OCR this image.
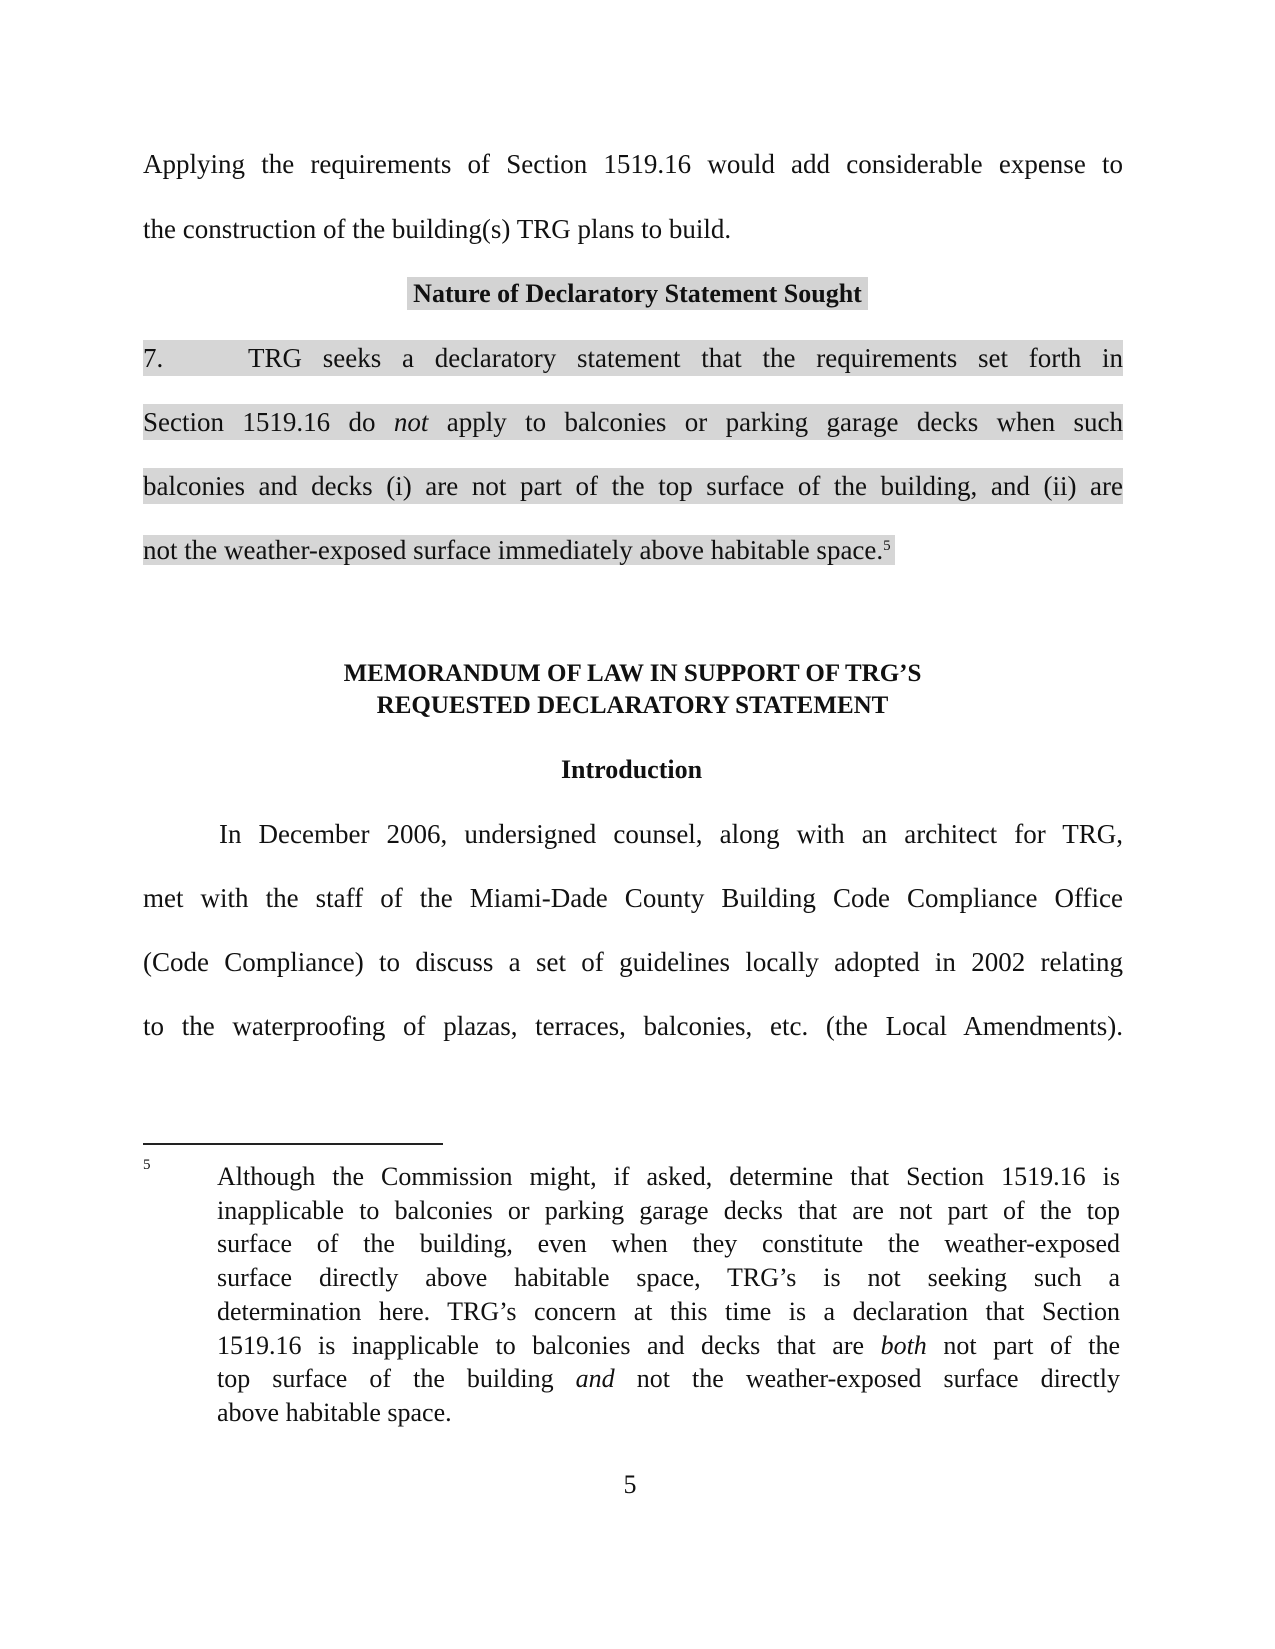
Applying the requirements of Section 1519.16 would add considerable expense to
the construction of the building(s) TRG plans to build.
Nature of Declaratory Statement Sought
7.	TRG seeks a declaratory statement that the requirements set forth in
Section 1519.16 do not apply to balconies or parking garage decks when such
balconies and decks (i) are not part of the top surface of the building, and (ii) are
not the weather-exposed surface immediately above habitable space.$^5$
MEMORANDUM OF LAW IN SUPPORT OF TRG’S
REQUESTED DECLARATORY STATEMENT
Introduction
In December 2006, undersigned counsel, along with an architect for TRG,
met with the staff of the Miami-Dade County Building Code Compliance Office
(Code Compliance) to discuss a set of guidelines locally adopted in 2002 relating
to the waterproofing of plazas, terraces, balconies, etc. (the Local Amendments).
5	Although the Commission might, if asked, determine that Section 1519.16 is
inapplicable to balconies or parking garage decks that are not part of the top
surface of the building, even when they constitute the weather-exposed
surface directly above habitable space, TRG’s is not seeking such a
determination here. TRG’s concern at this time is a declaration that Section
1519.16 is inapplicable to balconies and decks that are both not part of the
top surface of the building and not the weather-exposed surface directly
above habitable space.
5
